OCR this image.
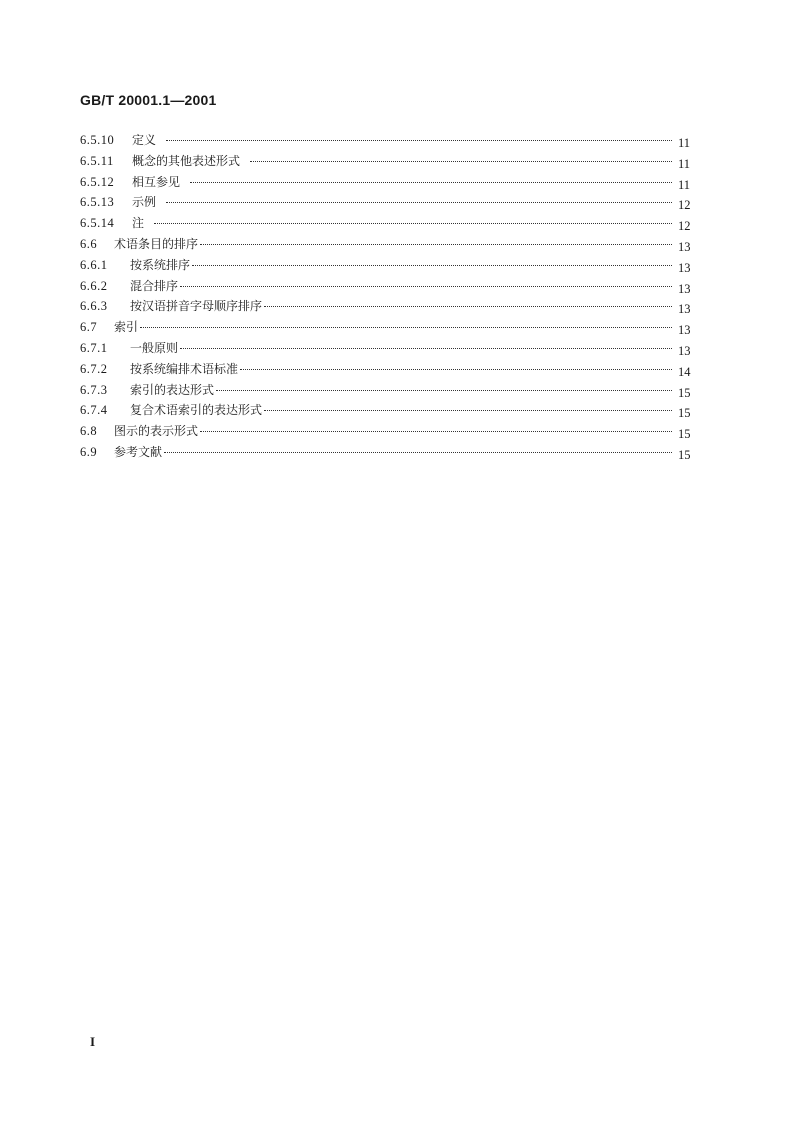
GB/T 20001.1—2001
6.5.10	定义	11
6.5.11	概念的其他表述形式	11
6.5.12	相互参见	11
6.5.13	示例	12
6.5.14	注	12
6.6	术语条目的排序	13
6.6.1	按系统排序	13
6.6.2	混合排序	13
6.6.3	按汉语拼音字母顺序排序	13
6.7	索引	13
6.7.1	一般原则	13
6.7.2	按系统编排术语标准	14
6.7.3	索引的表达形式	15
6.7.4	复合术语索引的表达形式	15
6.8	图示的表示形式	15
6.9	参考文献	15
I
